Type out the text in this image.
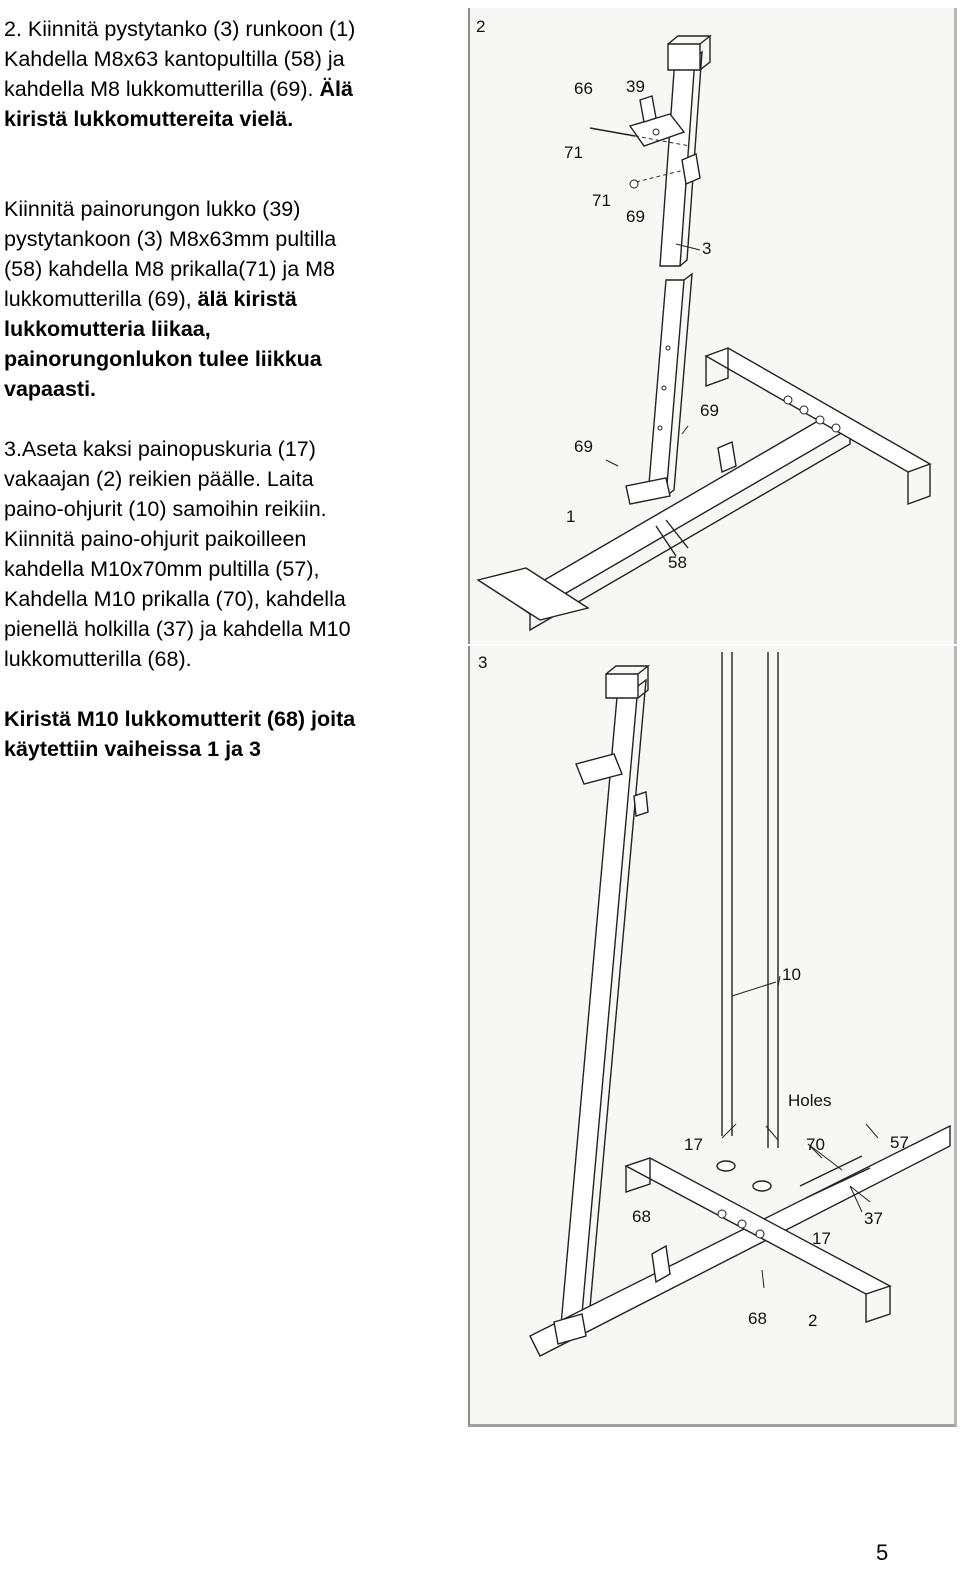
2. Kiinnitä pystytanko (3) runkoon (1)

Kahdella M8x63 kantopultilla (58) ja

kahdella M8 lukkomutterilla (69). Älä

kiristä lukkomuttereita vielä.

Kiinnitä painorungon lukko (39)

pystytankoon (3) M8x63mm pultilla

(58) kahdella M8 prikalla(71) ja M8

lukkomutterilla (69), älä kiristä

lukkomutteria liikaa,

painorungonlukon tulee liikkua

vapaasti.

3.Aseta kaksi painopuskuria (17)

vakaajan (2) reikien päälle. Laita

paino-ohjurit (10) samoihin reikiin.

Kiinnitä paino-ohjurit paikoilleen

kahdella M10x70mm pultilla (57),

Kahdella M10 prikalla (70), kahdella

pienellä holkilla (37) ja kahdella M10

lukkomutterilla (68).

Kiristä M10 lukkomutterit (68) joita

käytettiin vaiheissa 1 ja 3

2
66 39
71
71
69
3
69
69
1
58
3
10
Holes
17	70	57
68	37
17
68 2
5
